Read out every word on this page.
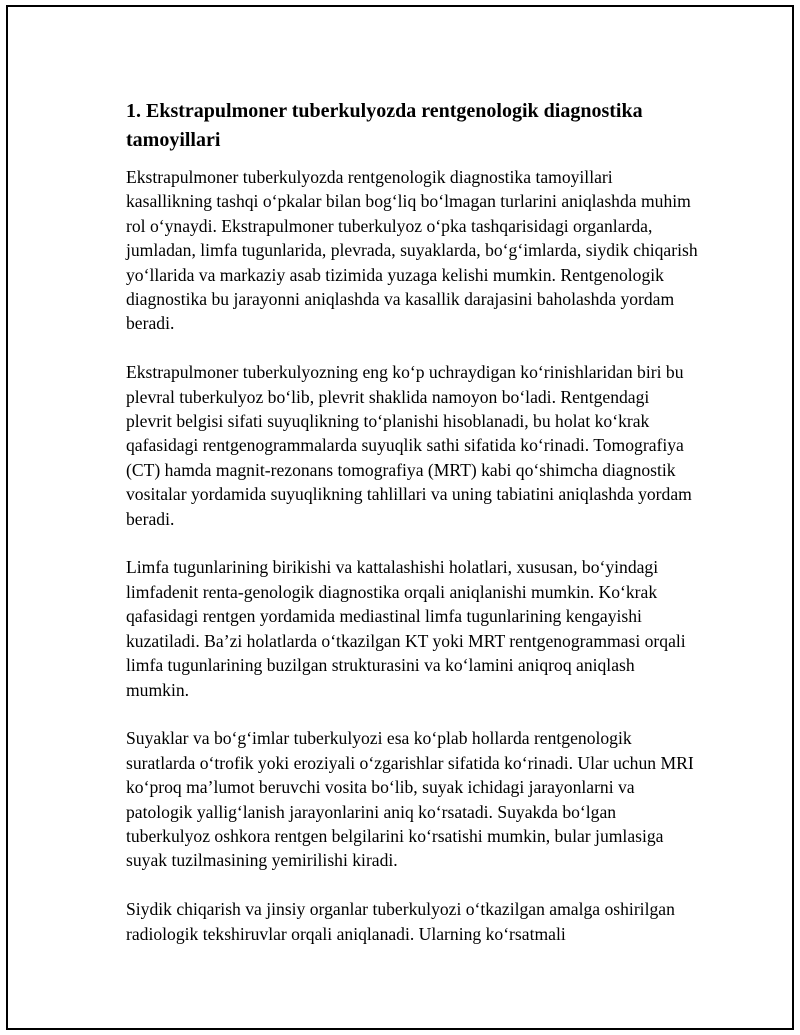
1. Ekstrapulmoner tuberkulyozda rentgenologik diagnostika tamoyillari

Ekstrapulmoner tuberkulyozda rentgenologik diagnostika tamoyillari kasallikning tashqi oʻpkalar bilan bogʻliq boʻlmagan turlarini aniqlashda muhim rol oʻynaydi. Ekstrapulmoner tuberkulyoz oʻpka tashqarisidagi organlarda, jumladan, limfa tugunlarida, plevrada, suyaklarda, boʻgʻimlarda, siydik chiqarish yoʻllarida va markaziy asab tizimida yuzaga kelishi mumkin. Rentgenologik diagnostika bu jarayonni aniqlashda va kasallik darajasini baholashda yordam beradi.

Ekstrapulmoner tuberkulyozning eng koʻp uchraydigan koʻrinishlaridan biri bu plevral tuberkulyoz boʻlib, plevrit shaklida namoyon boʻladi. Rentgendagi plevrit belgisi sifati suyuqlikning toʻplanishi hisoblanadi, bu holat koʻkrak qafasidagi rentgenogrammalarda suyuqlik sathi sifatida koʻrinadi. Tomografiya (CT) hamda magnit-rezonans tomografiya (MRT) kabi qoʻshimcha diagnostik vositalar yordamida suyuqlikning tahlillari va uning tabiatini aniqlashda yordam beradi.

Limfa tugunlarining birikishi va kattalashishi holatlari, xususan, boʻyindagi limfadenit renta-genologik diagnostika orqali aniqlanishi mumkin. Koʻkrak qafasidagi rentgen yordamida mediastinal limfa tugunlarining kengayishi kuzatiladi. Baʼzi holatlarda oʻtkazilgan KT yoki MRT rentgenogrammasi orqali limfa tugunlarining buzilgan strukturasini va koʻlamini aniqroq aniqlash mumkin.

Suyaklar va boʻgʻimlar tuberkulyozi esa koʻplab hollarda rentgenologik suratlarda oʻtrofik yoki eroziyali oʻzgarishlar sifatida koʻrinadi. Ular uchun MRI koʻproq maʼlumot beruvchi vosita boʻlib, suyak ichidagi jarayonlarni va patologik yalligʻlanish jarayonlarini aniq koʻrsatadi. Suyakda boʻlgan tuberkulyoz oshkora rentgen belgilarini koʻrsatishi mumkin, bular jumlasiga suyak tuzilmasining yemirilishi kiradi.

Siydik chiqarish va jinsiy organlar tuberkulyozi oʻtkazilgan amalga oshirilgan radiologik tekshiruvlar orqali aniqlanadi. Ularning koʻrsatmali
